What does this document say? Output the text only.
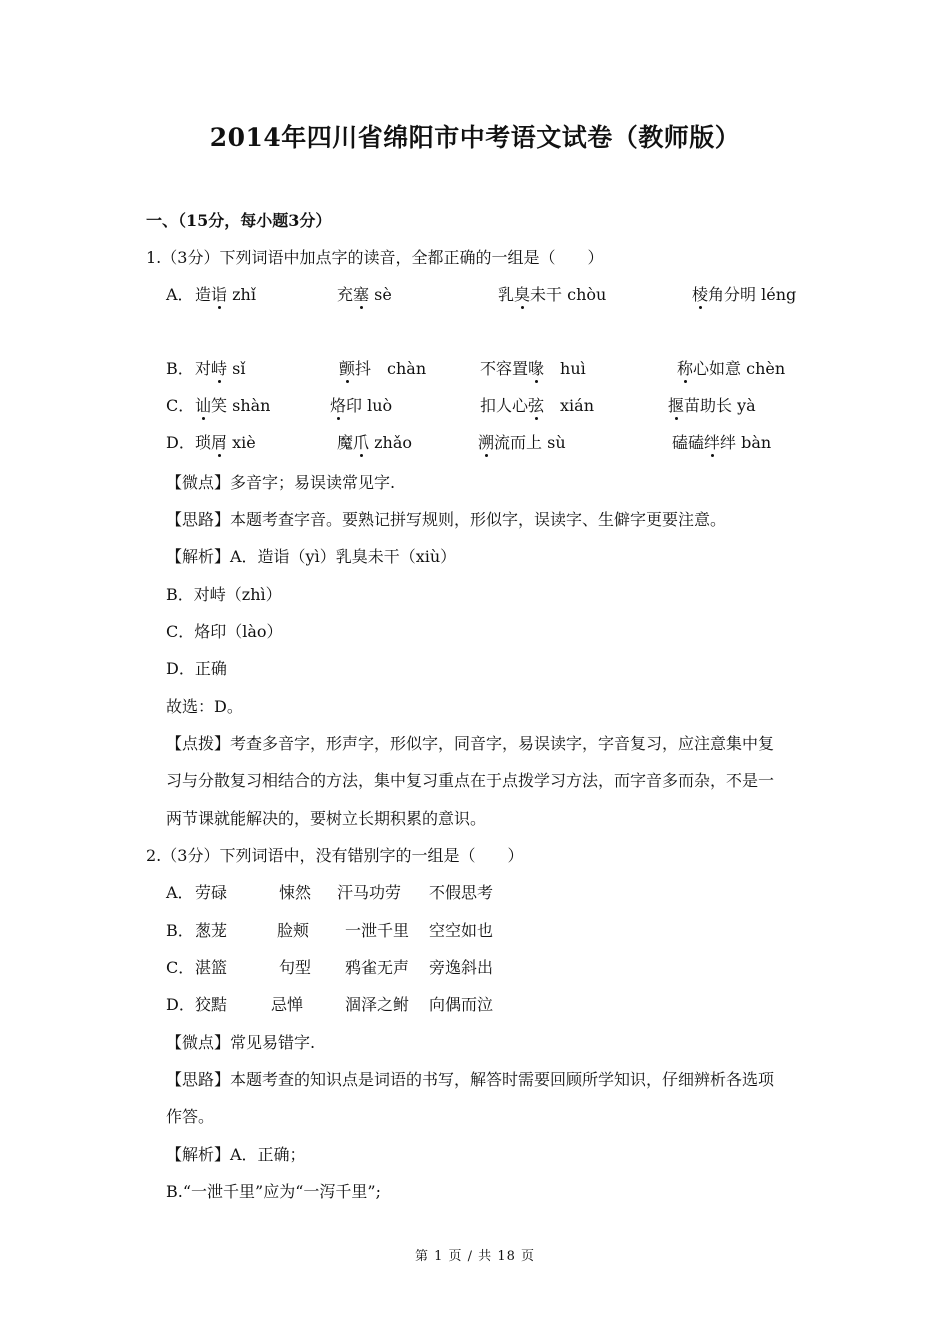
2014年四川省绵阳市中考语文试卷（教师版）
一、（15分，每小题3分）
1.（3分）下列词语中加点字的读音，全都正确的一组是（　　）
A． 造诣 zhǐ	充塞 sè	乳臭未干 chòu	棱角分明 léng
B． 对峙 sǐ	颤抖　chàn	不容置喙　huì	称心如意 chèn
C． 讪笑 shàn	烙印 luò	扣人心弦　xián	揠苗助长 yà
D． 琐屑 xiè	魔爪 zhǎo	溯流而上 sù	磕磕绊绊 bàn
【微点】多音字；易误读常见字.
【思路】本题考查字音。要熟记拼写规则，形似字，误读字、生僻字更要注意。
【解析】A．造诣（yì）乳臭未干（xiù）
B．对峙（zhì）
C．烙印（lào）
D．正确
故选：D。
【点拨】考查多音字，形声字，形似字，同音字，易误读字，字音复习，应注意集中复
习与分散复习相结合的方法，集中复习重点在于点拨学习方法，而字音多而杂，不是一
两节课就能解决的，要树立长期积累的意识。
2.（3分）下列词语中，没有错别字的一组是（　　）
A． 劳碌	悚然 汗马功劳 不假思考
B． 葱茏	脸颊 一泄千里 空空如也
C． 湛篮	句型 鸦雀无声 旁逸斜出
D． 狡黠	忌惮	涸泽之鲋 向偶而泣
【微点】常见易错字.
【思路】本题考查的知识点是词语的书写，解答时需要回顾所学知识，仔细辨析各选项
作答。
【解析】A．正确；
B.“一泄千里”应为“一泻千里”;
第 1 页 / 共 18 页
